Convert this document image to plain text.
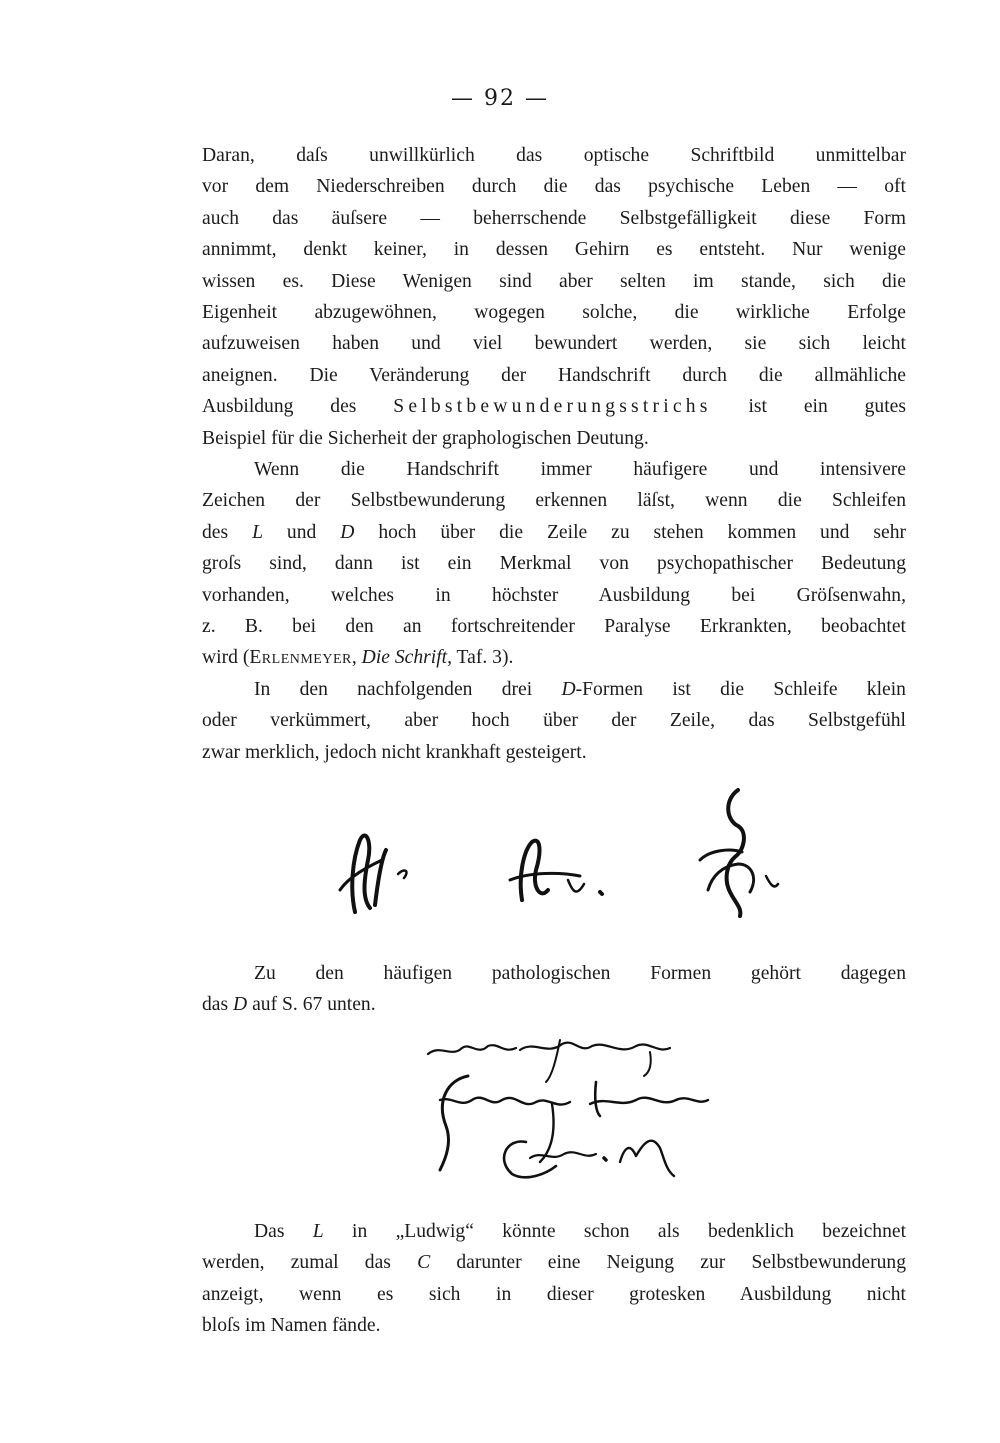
— 92 —
Daran, daſs unwillkürlich das optische Schriftbild unmittelbar
vor dem Niederschreiben durch die das psychische Leben — oft
auch das äuſsere — beherrschende Selbstgefälligkeit diese Form
annimmt, denkt keiner, in dessen Gehirn es entsteht. Nur wenige
wissen es. Diese Wenigen sind aber selten im stande, sich die
Eigenheit abzugewöhnen, wogegen solche, die wirkliche Erfolge
aufzuweisen haben und viel bewundert werden, sie sich leicht
aneignen. Die Veränderung der Handschrift durch die allmähliche
Ausbildung des Selbstbewunderungsstrichs ist ein gutes
Beispiel für die Sicherheit der graphologischen Deutung.
Wenn die Handschrift immer häufigere und intensivere
Zeichen der Selbstbewunderung erkennen läſst, wenn die Schleifen
des L und D hoch über die Zeile zu stehen kommen und sehr
groſs sind, dann ist ein Merkmal von psychopathischer Bedeutung
vorhanden, welches in höchster Ausbildung bei Gröſsenwahn,
z. B. bei den an fortschreitender Paralyse Erkrankten, beobachtet
wird (Erlenmeyer, Die Schrift, Taf. 3).
In den nachfolgenden drei D-Formen ist die Schleife klein
oder verkümmert, aber hoch über der Zeile, das Selbstgefühl
zwar merklich, jedoch nicht krankhaft gesteigert.
Zu den häufigen pathologischen Formen gehört dagegen
das D auf S. 67 unten.
Das L in „Ludwig“ könnte schon als bedenklich bezeichnet
werden, zumal das C darunter eine Neigung zur Selbstbewunderung
anzeigt, wenn es sich in dieser grotesken Ausbildung nicht
bloſs im Namen fände.
